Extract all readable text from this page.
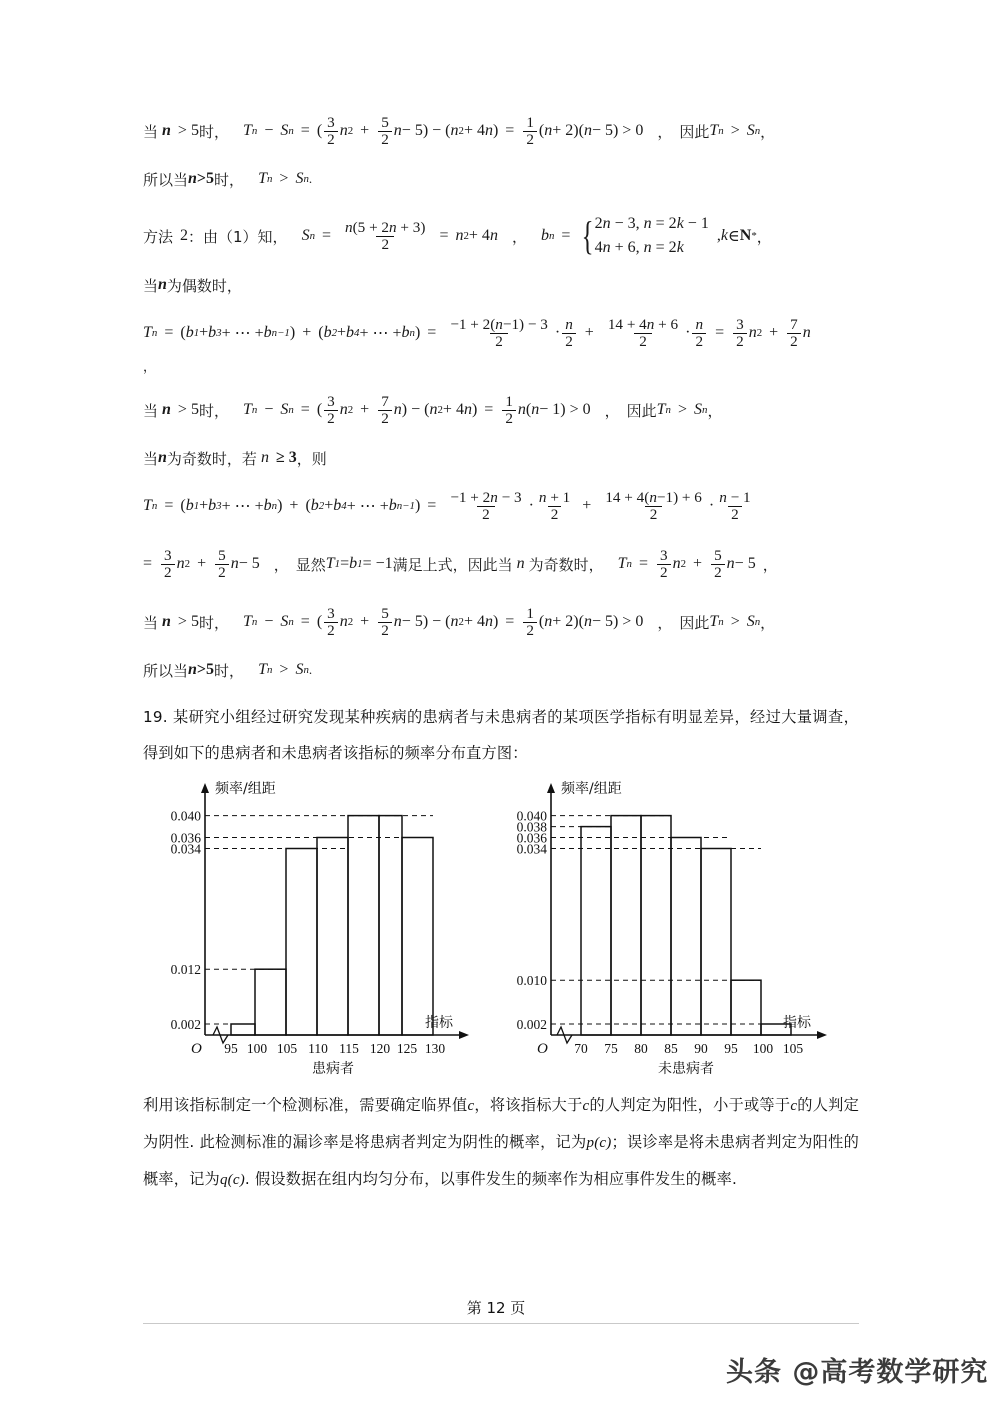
当 n > 5 时， T n − S n = ( $\frac{3}{2}$ n $2 + \frac{5}{2}$ n − 5) − ( n 2 + 4 n )
= $\frac{1}{2}$ ( n + 2)( n − 5) > 0 ， 因此 T n > S n ，
所以当 n >5 时， T n > S n .
方法 2 ：由（1）知， S $n = \frac{n(5 + 2n + 3)}{2} = n$ 2 + 4 n ， b n = { 2n − 3, n = 2k − 1
4n + 6, n = 2k
, k ∈ N * ，
当 n 为偶数时，
T n =
( b 1 + b 3 + ⋯ + b n−1 )
+
( b 2 + b 4 + ⋯ + b n )
= $\frac{-1 + 2(n-1) - 3}{2} \cdot \frac{n}{2} + \frac{14 + 4n + 6}{2} \cdot \frac{n}{2} = \frac{3}{2}$ n $2 + \frac{7}{2}$ n
，
当 n > 5 时， T n − S n = ( $\frac{3}{2}$ n $2 + \frac{7}{2}$ n ) − ( n 2 + 4 n )
= $\frac{1}{2}$ n ( n − 1) > 0 ， 因此 T n > S n ，
当 n 为奇数时，若 n ≥ 3 ，则
T n =
( b 1 + b 3 + ⋯ + b n )
+
( b 2 + b 4 + ⋯ + b n−1 )
= $\frac{-1 + 2n - 3}{2} \cdot \frac{n + 1}{2} + \frac{14 + 4(n-1) + 6}{2} \cdot \frac{n - 1}{2}$
= $\frac{3}{2}$ n $2 + \frac{5}{2}$ n − 5 ， 显然 T 1 = b 1 = −1 满足上式，因此当 n 为奇数时， T $n = \frac{3}{2}$ n $2 + \frac{5}{2}$ n − 5 ，
当 n > 5 时， T n − S n = ( $\frac{3}{2}$ n $2 + \frac{5}{2}$ n − 5) − ( n 2 + 4 n )
= $\frac{1}{2}$ ( n + 2)( n − 5) > 0 ， 因此 T n > S n ，
所以当 n >5 时， T n > S n .
19. 某研究小组经过研究发现某种疾病的患病者与未患病者的某项医学指标有明显差异，经过大量调查，得到如下的患病者和未患病者该指标的频率分布直方图：
0.040
0.036
0.034
0.012
0.002
O 95 100 105 110 115 120 125 130
频率/组距
指标
患病者
0.040
0.038
0.036
0.034
0.010
0.002
O 70 75 80 85 90 95 100 105
频率/组距
指标
未患病者
利用该指标制定一个检测标准，需要确定临界值c，将该指标大于c的人判定为阳性，小于或等于c的人判定为阴性. 此检测标准的漏诊率是将患病者判定为阴性的概率，记为p(c)；误诊率是将未患病者判定为阳性的概率，记为q(c). 假设数据在组内均匀分布，以事件发生的频率作为相应事件发生的概率.
第 12 页
头条 @高考数学研究
